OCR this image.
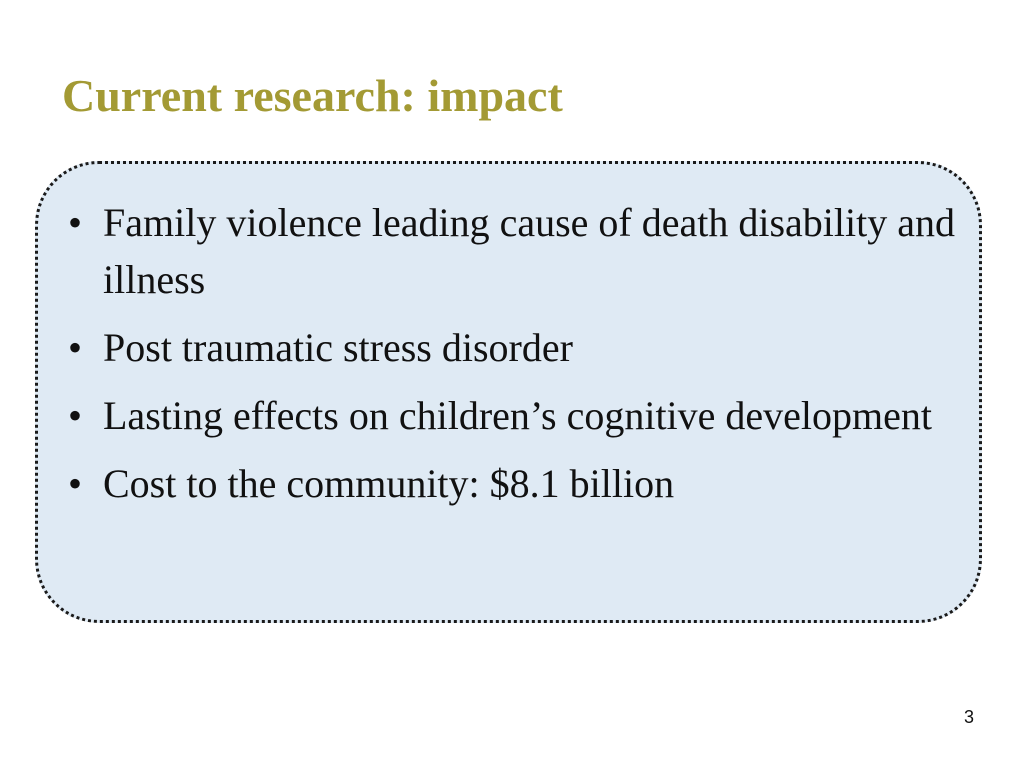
Current research: impact
• Family violence leading cause of death disability and illness
• Post traumatic stress disorder
• Lasting effects on children’s cognitive development
• Cost to the community: $8.1 billion
3
